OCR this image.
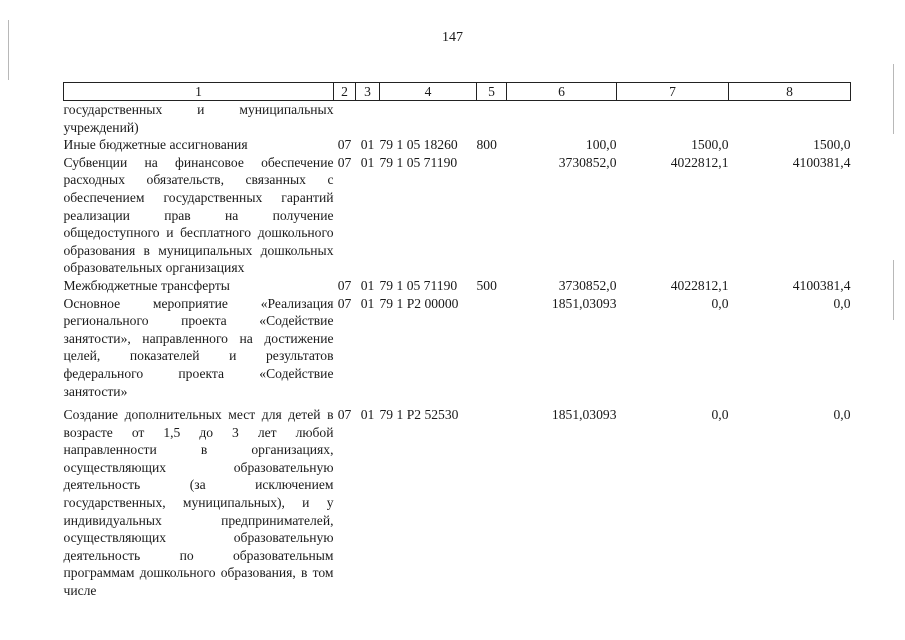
147
1	2	3	4	5	6	7	8
государственных и муниципальных учреждений)							
Иные бюджетные ассигнования	07	01	79 1 05 18260	800	100,0	1500,0	1500,0
Субвенции на финансовое обеспечение расходных обязательств, связанных с обеспечением государственных гарантий реализации прав на получение общедоступного и бесплатного дошкольного образования в муниципальных дошкольных образовательных организациях	07	01	79 1 05 71190		3730852,0	4022812,1	4100381,4
Межбюджетные трансферты	07	01	79 1 05 71190	500	3730852,0	4022812,1	4100381,4
Основное мероприятие «Реализация регионального проекта «Содействие занятости», направленного на достижение целей, показателей и результатов федерального проекта «Содействие занятости»	07	01	79 1 P2 00000		1851,03093	0,0	0,0
Создание дополнительных мест для детей в возрасте от 1,5 до 3 лет любой направленности в организациях, осуществляющих образовательную деятельность (за исключением государственных, муниципальных), и у индивидуальных предпринимателей, осуществляющих образовательную деятельность по образовательным программам дошкольного образования, в том числе	07	01	79 1 P2 52530		1851,03093	0,0	0,0
